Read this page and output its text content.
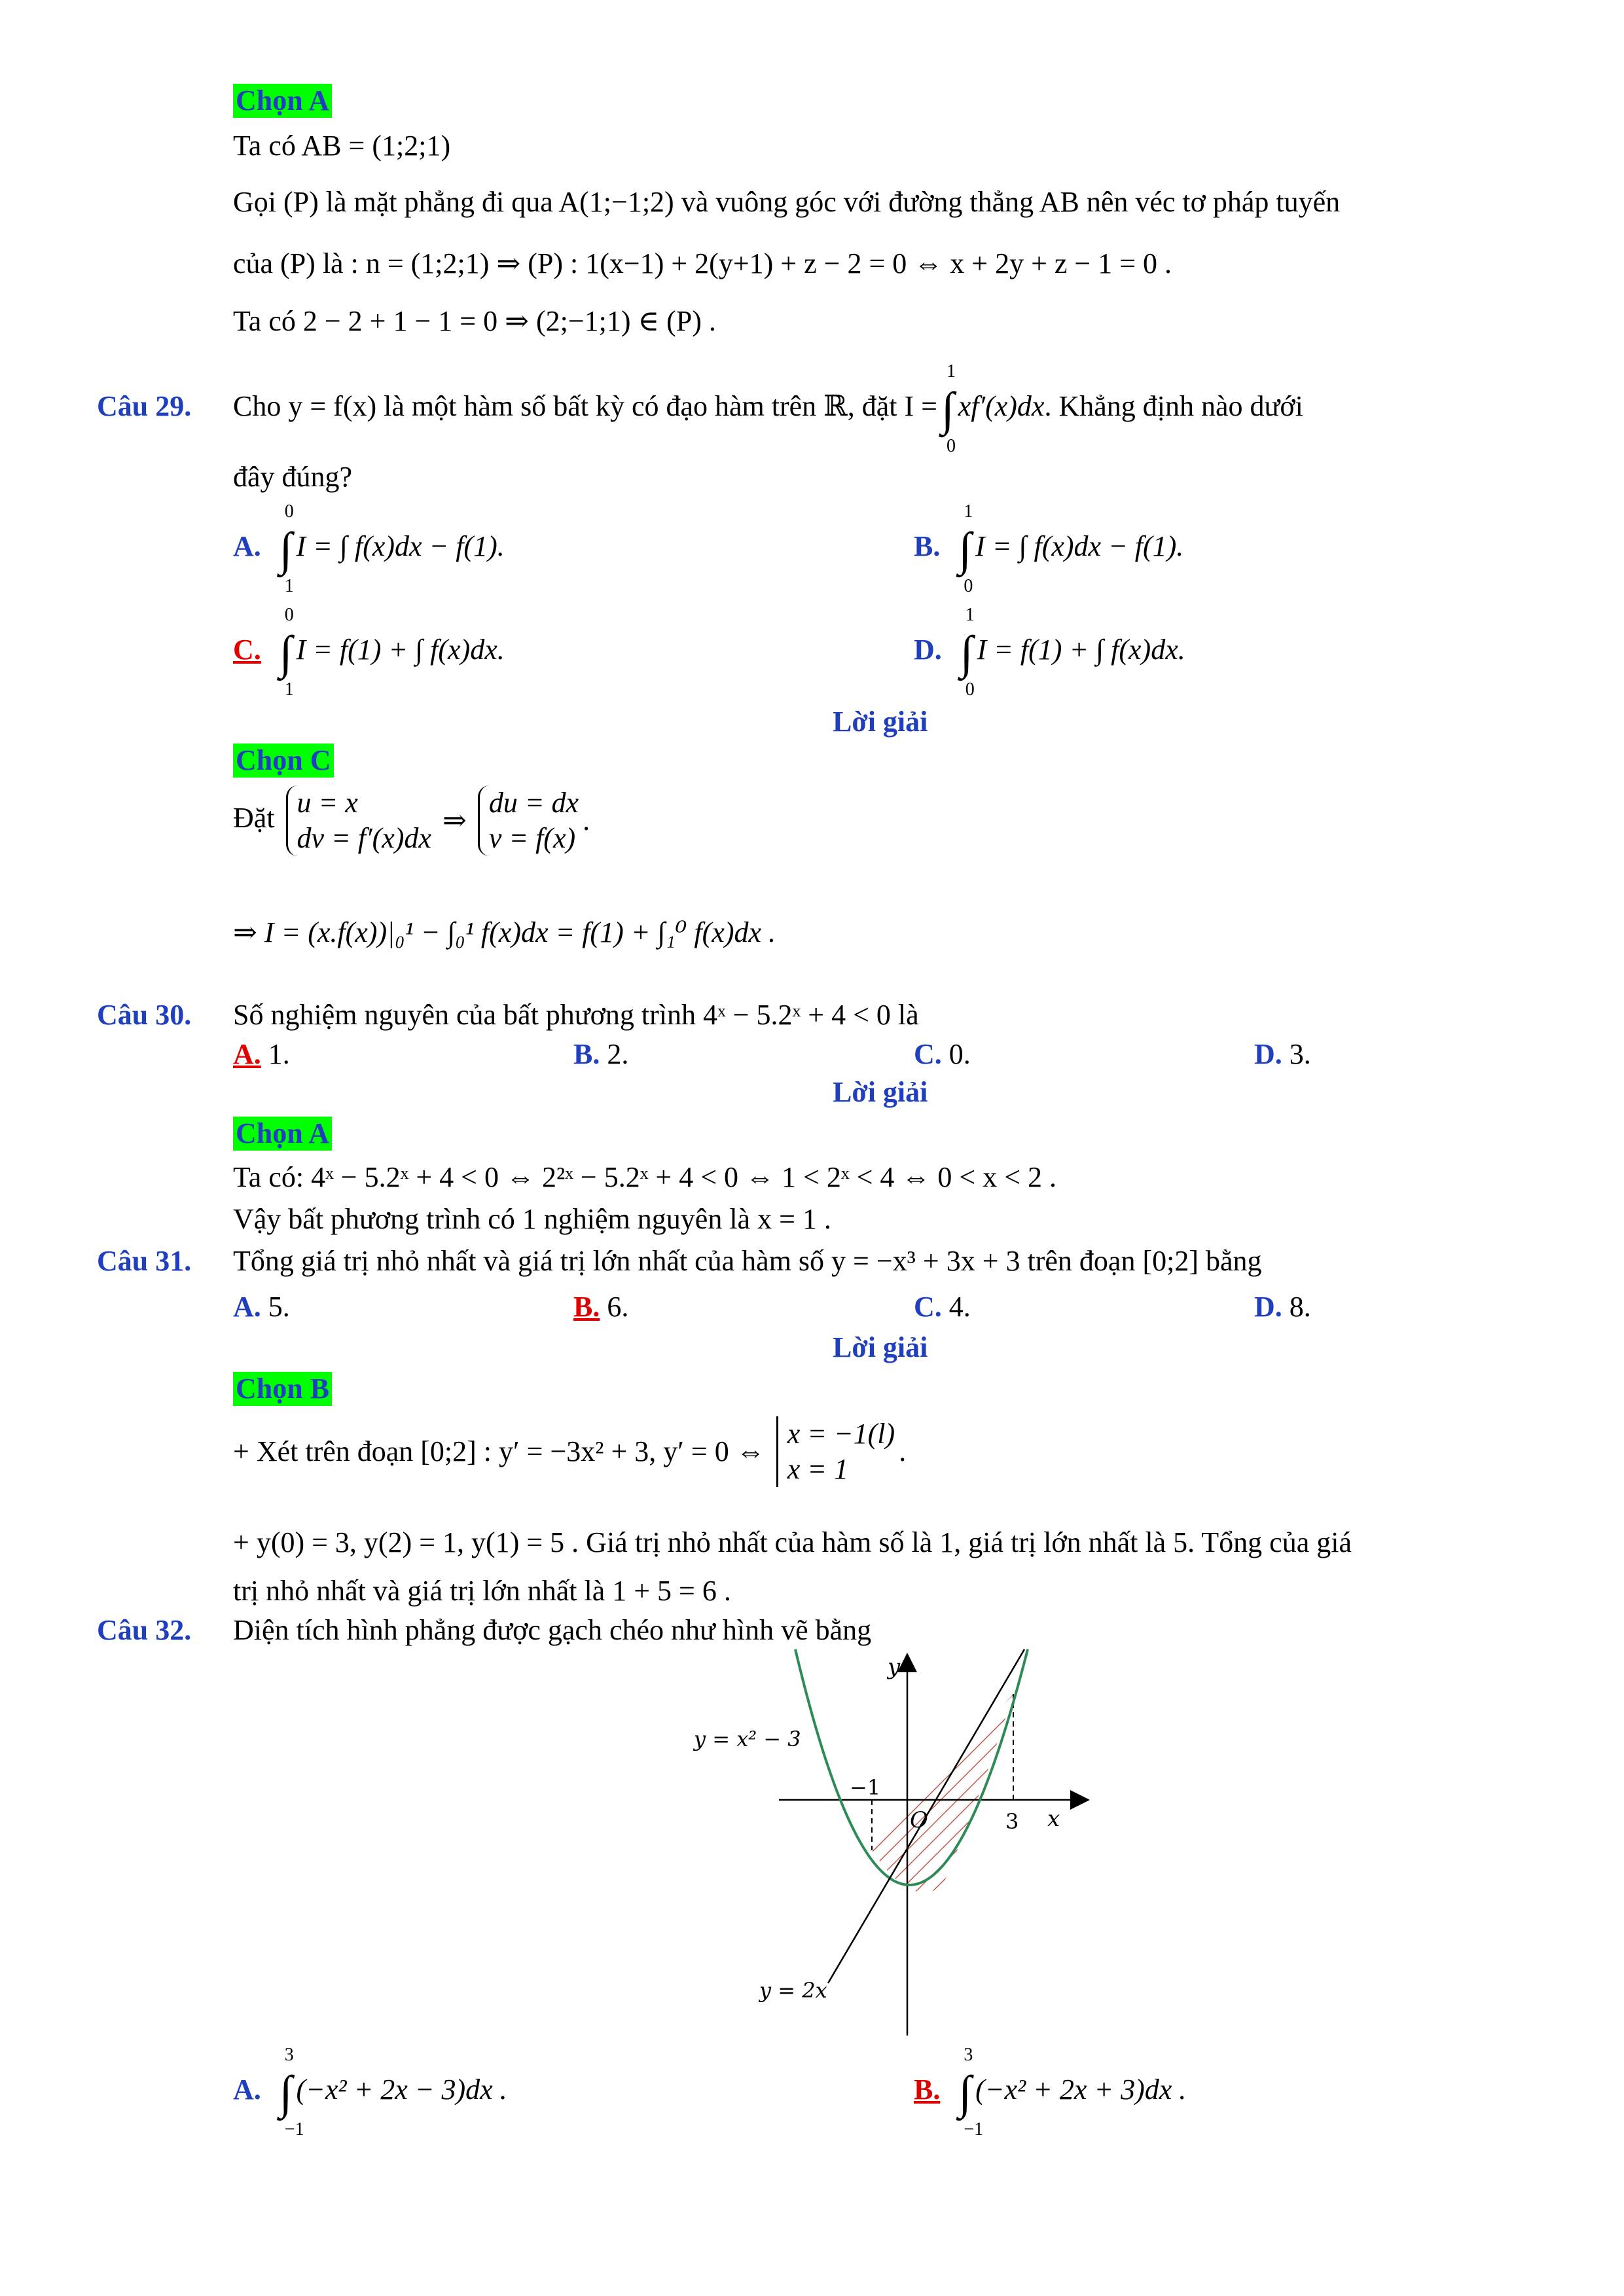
Chọn A
Ta có AB = (1;2;1)
Gọi (P) là mặt phẳng đi qua A(1;−1;2) và vuông góc với đường thẳng AB nên véc tơ pháp tuyến
của (P) là : n = (1;2;1) ⇒ (P) : 1(x−1) + 2(y+1) + z − 2 = 0 ⇔ x + 2y + z − 1 = 0 .
Ta có 2 − 2 + 1 − 1 = 0 ⇒ (2;−1;1) ∈ (P) .
Câu 29. Cho y = f(x) là một hàm số bất kỳ có đạo hàm trên ℝ, đặt I =∫
1
0
xf′(x)dx. Khẳng định nào dưới
đây đúng?
A. ∫
0
1
I = ∫ f(x)dx − f(1).	B. ∫
1
0
I = ∫ f(x)dx − f(1).
C. ∫
0
1
I = f(1) + ∫ f(x)dx.	D. ∫
1
0
I = f(1) + ∫ f(x)dx.
Lời giải
Chọn C
Đặt u = x
dv = f′(x)dx
⇒
du = dx
v = f(x)
.
⇒ I = (x.f(x))|₀¹ − ∫₀¹ f(x)dx = f(1) + ∫₁⁰ f(x)dx .
Câu 30. Số nghiệm nguyên của bất phương trình 4ˣ − 5.2ˣ + 4 < 0 là
A. 1.	B. 2.	C. 0.	D. 3.
Lời giải
Chọn A
Ta có: 4ˣ − 5.2ˣ + 4 < 0 ⇔ 2²ˣ − 5.2ˣ + 4 < 0 ⇔ 1 < 2ˣ < 4 ⇔ 0 < x < 2 .
Vậy bất phương trình có 1 nghiệm nguyên là x = 1 .
Câu 31. Tổng giá trị nhỏ nhất và giá trị lớn nhất của hàm số y = −x³ + 3x + 3 trên đoạn [0;2] bằng
A. 5.	B. 6.	C. 4.	D. 8.
Lời giải
Chọn B
+ Xét trên đoạn [0;2] : y′ = −3x² + 3, y′ = 0 ⇔
x = −1(l)
x = 1
.
+ y(0) = 3, y(2) = 1, y(1) = 5 . Giá trị nhỏ nhất của hàm số là 1, giá trị lớn nhất là 5. Tổng của giá
trị nhỏ nhất và giá trị lớn nhất là 1 + 5 = 6 .
Câu 32. Diện tích hình phẳng được gạch chéo như hình vẽ bằng
y
x
O
−1
3
y = x² − 3
y = 2x
A. ∫
3
−1
(−x² + 2x − 3)dx .	B. ∫
3
−1
(−x² + 2x + 3)dx .
